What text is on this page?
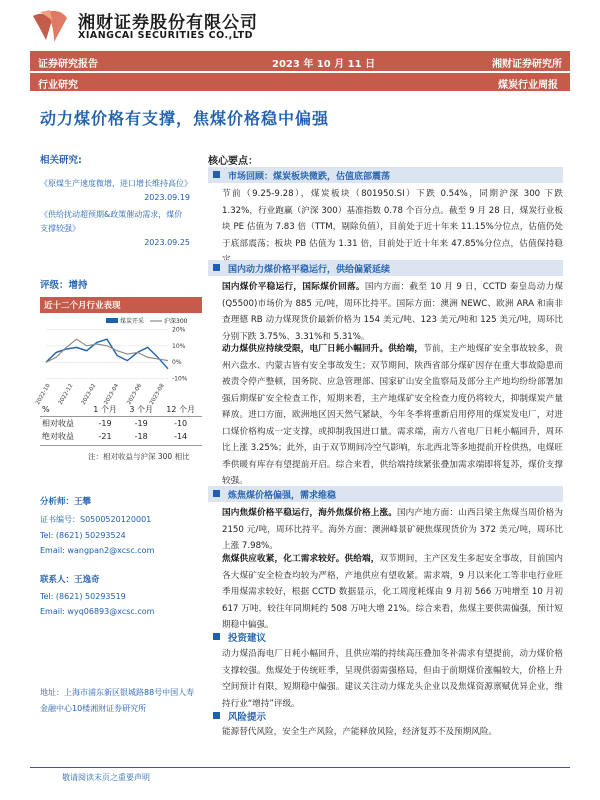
湘财证券股份有限公司
XIANGCAI SECURITIES CO.,LTD
证券研究报告	2023 年 10 月 11 日	湘财证券研究所
行业研究	煤炭行业周报
动力煤价格有支撑，焦煤价格稳中偏强
相关研究:
《原煤生产速度微增，进口增长维持高位》
2023.09.19
《供给扰动超预期&政策催动需求，煤价支撑较强》
2023.09.25
评级：增持
近十二个月行业表现
20%
10%
0%
-10%
煤炭开采	沪深300
2022-10 2022-12 2023-02 2023-04 2023-06 2023-08
%	1 个月	3 个月	12 个月
相对收益	-19	-19	-10
绝对收益	-21	-18	-14
注：相对收益与沪深 300 相比
分析师：王攀
证书编号：S0500520120001
Tel: (8621) 50293524
Email: wangpan2@xcsc.com
联系人：王逸奇
Tel: (8621) 50293519
Email: wyq06893@xcsc.com
地址：上海市浦东新区银城路88号中国人寿金融中心10楼湘财证券研究所
核心要点：
市场回顾：煤炭板块微跌，估值底部震荡
节前（9.25-9.28），煤炭板块（801950.SI）下跌 0.54%，同期沪深 300 下跌 1.32%，行业跑赢（沪深 300）基准指数 0.78 个百分点。截至 9 月 28 日，煤炭行业板块 PE 估值为 7.83 倍（TTM，剔除负值），目前处于近十年来 11.15%分位点，估值仍处于底部震荡；板块 PB 估值为 1.31 倍，目前处于近十年来 47.85%分位点，估值保持稳
国内动力煤价格平稳运行，供给偏紧延续
国内煤价平稳运行，国际煤价回落。国内方面：截至 10 月 9 日，CCTD 秦皇岛动力煤(Q5500)市场价为 885 元/吨，周环比持平。国际方面：澳洲 NEWC、欧洲 ARA 和南非查理德 RB 动力煤现货价最新价格为 154 美元/吨、123 美元/吨和 125 美元/吨，周环比分别下跌 3.75%、3.31%和 5.31%。
动力煤供应持续受限，电厂日耗小幅回升。供给端，节前，主产地煤矿安全事故较多，贵州六盘水、内蒙古皆有安全事故发生；双节期间，陕西省部分煤矿因存在重大事故隐患而被责令停产整顿，国务院、应急管理部、国家矿山安全监察局及部分主产地均纷纷部署加强后期煤矿安全检查工作，短期来看，主产地煤矿安全检查力度仍将较大，抑制煤炭产量释放。进口方面，欧洲地区因天然气紧缺，今年冬季将重新启用停用的煤炭发电厂，对进口煤价格构成一定支撑，或抑制我国进口量。需求端，南方八省电厂日耗小幅回升，周环比上涨 3.25%；此外，由于双节期间冷空气影响，东北西北等多地提前开栓供热，电煤旺季供暖有库存有望提前开启。综合来看，供给端持续紧张叠加需求端即将复苏，煤价支撑较强。
炼焦煤价格偏强，需求维稳
国内焦煤价格平稳运行，海外焦煤价格上涨。国内产地方面：山西吕梁主焦煤当周价格为 2150 元/吨，周环比持平。海外方面：澳洲峰景矿硬焦煤现货价为 372 美元/吨，周环比上涨 7.98%。
焦煤供应收紧，化工需求较好。供给端，双节期间，主产区发生多起安全事故，目前国内各大煤矿安全检查均较为严格，产地供应有望收紧。需求端，9 月以来化工等非电行业旺季用煤需求较好，根据 CCTD 数据显示，化工周度耗煤由 9 月初 566 万吨增至 10 月初 617 万吨，较往年同期耗约 508 万吨大增 21%。综合来看，焦煤主要供需偏强，预计短期稳中偏强。
投资建议
动力煤沿海电厂日耗小幅回升，且供应端的持续高压叠加冬补需求有望提前，动力煤价格支撑较强。焦煤处于传统旺季，呈现供弱需强格局，但由于前期煤价涨幅较大，价格上升空间预计有限，短期稳中偏强。建议关注动力煤龙头企业以及焦煤资源禀赋优异企业，维持行业“增持”评级。
风险提示
能源替代风险，安全生产风险，产能释放风险，经济复苏不及预期风险。
敬请阅读末页之重要声明
